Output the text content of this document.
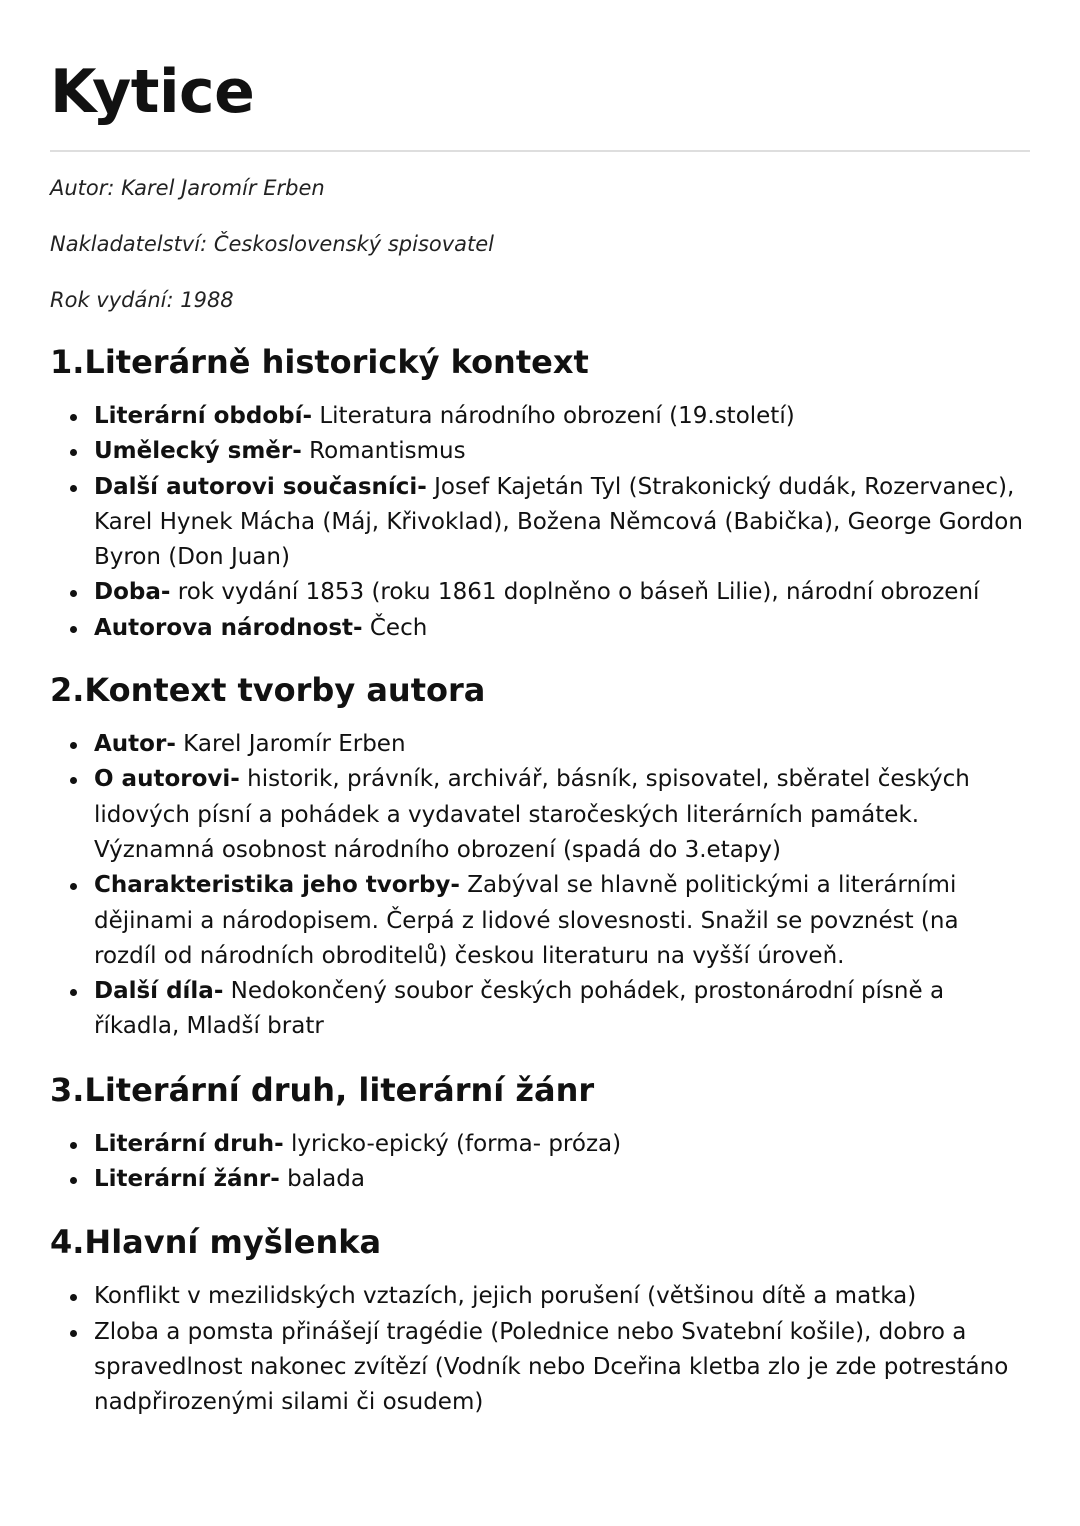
Kytice

Autor: Karel Jaromír Erben

Nakladatelství: Československý spisovatel

Rok vydání: 1988

1.Literárně historický kontext
Literární období- Literatura národního obrození (19.století)
Umělecký směr- Romantismus
Další autorovi současníci- Josef Kajetán Tyl (Strakonický dudák, Rozervanec), Karel Hynek Mácha (Máj, Křivoklad), Božena Němcová (Babička), George Gordon Byron (Don Juan)
Doba- rok vydání 1853 (roku 1861 doplněno o báseň Lilie), národní obrození
Autorova národnost- Čech
2.Kontext tvorby autora
Autor- Karel Jaromír Erben
O autorovi- historik, právník, archivář, básník, spisovatel, sběratel českých lidových písní a pohádek a vydavatel staročeských literárních památek. Významná osobnost národního obrození (spadá do 3.etapy)
Charakteristika jeho tvorby- Zabýval se hlavně politickými a literárními dějinami a národopisem. Čerpá z lidové slovesnosti. Snažil se povznést (na rozdíl od národních obroditelů) českou literaturu na vyšší úroveň.
Další díla- Nedokončený soubor českých pohádek, prostonárodní písně a říkadla, Mladší bratr
3.Literární druh, literární žánr
Literární druh- lyricko-epický (forma- próza)
Literární žánr- balada
4.Hlavní myšlenka
Konflikt v mezilidských vztazích, jejich porušení (většinou dítě a matka)
Zloba a pomsta přinášejí tragédie (Polednice nebo Svatební košile), dobro a spravedlnost nakonec zvítězí (Vodník nebo Dceřina kletba zlo je zde potrestáno nadpřirozenými silami či osudem)
